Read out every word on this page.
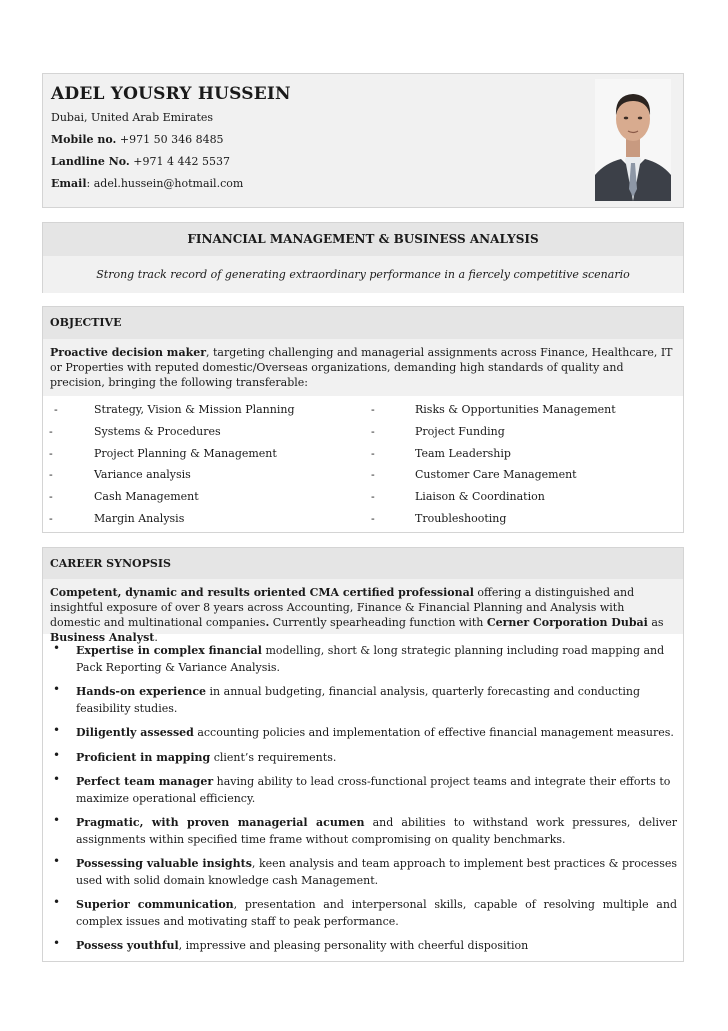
ADEL YOUSRY HUSSEIN
Dubai, United Arab Emirates
Mobile no. +971 50 346 8485
Landline No. +971 4 442 5537
Email: adel.hussein@hotmail.com
FINANCIAL MANAGEMENT & BUSINESS ANALYSIS
Strong track record of generating extraordinary performance in a fiercely competitive scenario
OBJECTIVE
Proactive decision maker, targeting challenging and managerial assignments across Finance, Healthcare, IT or Properties with reputed domestic/Overseas organizations, demanding high standards of quality and precision, bringing the following transferable:
-	Strategy, Vision & Mission Planning	-	Risks & Opportunities Management
-	Systems & Procedures	-	Project Funding
-	Project Planning & Management	-	Team Leadership
-	Variance analysis	-	Customer Care Management
-	Cash Management	-	Liaison & Coordination
-	Margin Analysis	-	Troubleshooting
CAREER SYNOPSIS
Competent, dynamic and results oriented CMA certified professional offering a distinguished and insightful exposure of over 8 years across Accounting, Finance & Financial Planning and Analysis with domestic and multinational companies. Currently spearheading function with Cerner Corporation Dubai as Business Analyst.
• Expertise in complex financial modelling, short & long strategic planning including road mapping and Pack Reporting & Variance Analysis.
• Hands-on experience in annual budgeting, financial analysis, quarterly forecasting and conducting feasibility studies.
• Diligently assessed accounting policies and implementation of effective financial management measures.
• Proficient in mapping client’s requirements.
• Perfect team manager having ability to lead cross-functional project teams and integrate their efforts to maximize operational efficiency.
• Pragmatic, with proven managerial acumen and abilities to withstand work pressures, deliver assignments within specified time frame without compromising on quality benchmarks.
• Possessing valuable insights, keen analysis and team approach to implement best practices & processes used with solid domain knowledge cash Management.
• Superior communication, presentation and interpersonal skills, capable of resolving multiple and complex issues and motivating staff to peak performance.
• Possess youthful, impressive and pleasing personality with cheerful disposition
